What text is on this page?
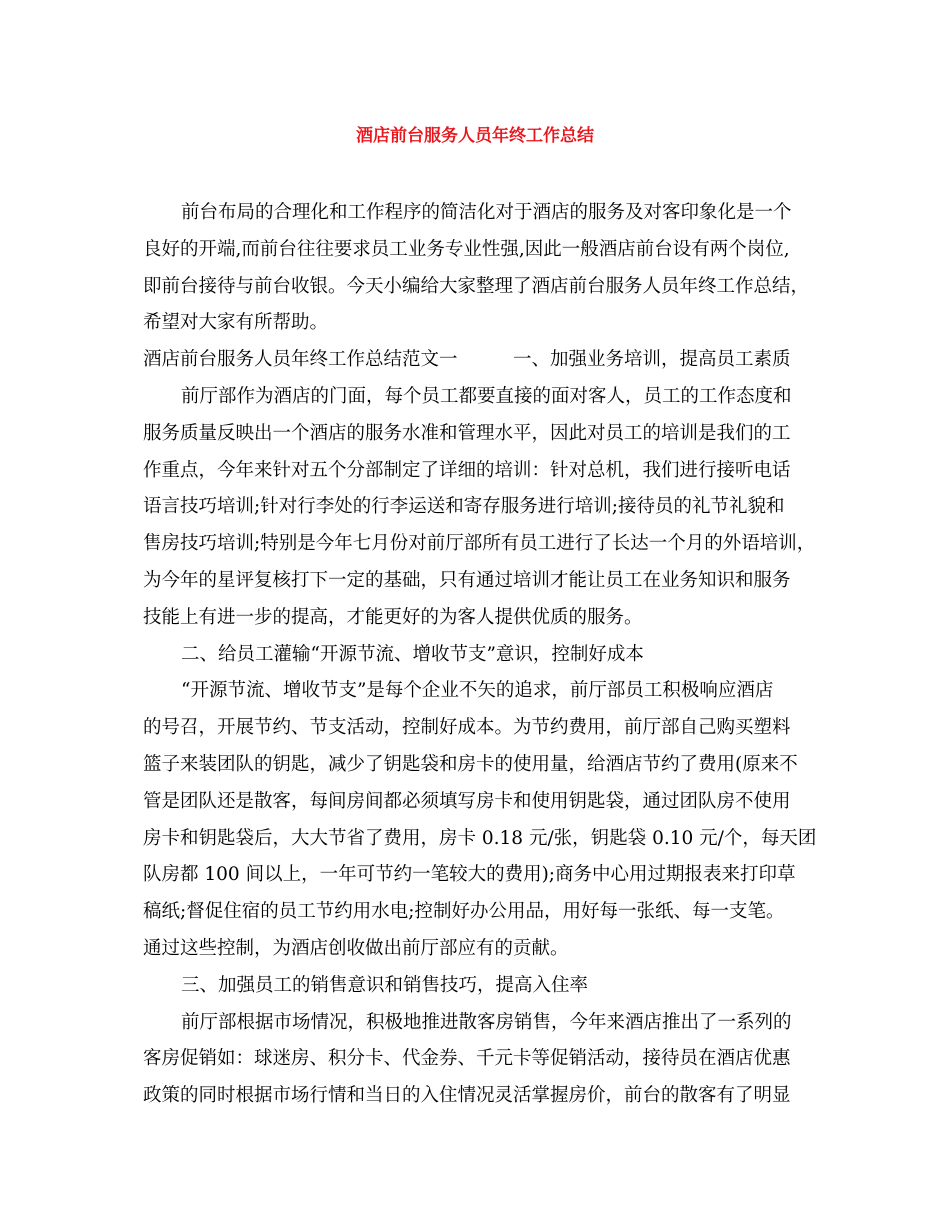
酒店前台服务人员年终工作总结
前台布局的合理化和工作程序的简洁化对于酒店的服务及对客印象化是一个
良好的开端,而前台往往要求员工业务专业性强,因此一般酒店前台设有两个岗位,
即前台接待与前台收银。今天小编给大家整理了酒店前台服务人员年终工作总结，
希望对大家有所帮助。
酒店前台服务人员年终工作总结范文一　　　一、加强业务培训，提高员工素质
前厅部作为酒店的门面，每个员工都要直接的面对客人，员工的工作态度和
服务质量反映出一个酒店的服务水准和管理水平，因此对员工的培训是我们的工
作重点，今年来针对五个分部制定了详细的培训：针对总机，我们进行接听电话
语言技巧培训;针对行李处的行李运送和寄存服务进行培训;接待员的礼节礼貌和
售房技巧培训;特别是今年七月份对前厅部所有员工进行了长达一个月的外语培训，
为今年的星评复核打下一定的基础，只有通过培训才能让员工在业务知识和服务
技能上有进一步的提高，才能更好的为客人提供优质的服务。
二、给员工灌输“开源节流、增收节支”意识，控制好成本
“开源节流、增收节支”是每个企业不矢的追求，前厅部员工积极响应酒店
的号召，开展节约、节支活动，控制好成本。为节约费用，前厅部自己购买塑料
篮子来装团队的钥匙，减少了钥匙袋和房卡的使用量，给酒店节约了费用(原来不
管是团队还是散客，每间房间都必须填写房卡和使用钥匙袋，通过团队房不使用
房卡和钥匙袋后，大大节省了费用，房卡 0.18 元/张，钥匙袋 0.10 元/个，每天团
队房都 100 间以上，一年可节约一笔较大的费用);商务中心用过期报表来打印草
稿纸;督促住宿的员工节约用水电;控制好办公用品，用好每一张纸、每一支笔。
通过这些控制，为酒店创收做出前厅部应有的贡献。
三、加强员工的销售意识和销售技巧，提高入住率
前厅部根据市场情况，积极地推进散客房销售，今年来酒店推出了一系列的
客房促销如：球迷房、积分卡、代金券、千元卡等促销活动，接待员在酒店优惠
政策的同时根据市场行情和当日的入住情况灵活掌握房价，前台的散客有了明显
